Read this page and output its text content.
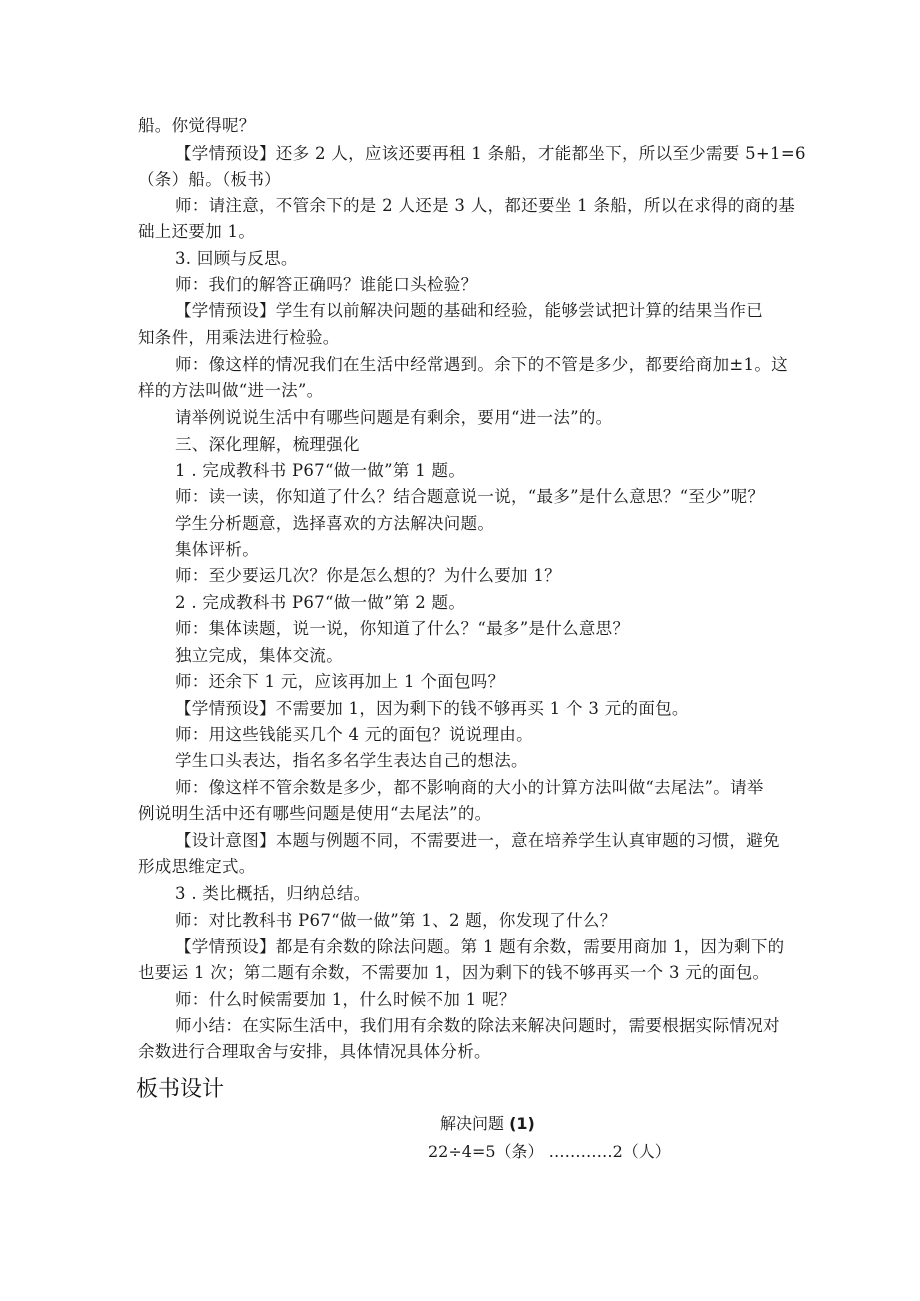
船。你觉得呢？
【学情预设】还多 2 人，应该还要再租 1 条船，才能都坐下，所以至少需要 5+1=6
（条）船。（板书）
师：请注意，不管余下的是 2 人还是 3 人，都还要坐 1 条船，所以在求得的商的基
础上还要加 1。
3. 回顾与反思。
师：我们的解答正确吗？谁能口头检验？
【学情预设】学生有以前解决问题的基础和经验，能够尝试把计算的结果当作已
知条件，用乘法进行检验。
师：像这样的情况我们在生活中经常遇到。余下的不管是多少，都要给商加±1。这
样的方法叫做“进一法”。
请举例说说生活中有哪些问题是有剩余，要用“进一法”的。
三、深化理解，梳理强化
1 . 完成教科书 P67“做一做”第 1 题。
师：读一读，你知道了什么？结合题意说一说，“最多”是什么意思？“至少”呢？
学生分析题意，选择喜欢的方法解决问题。
集体评析。
师：至少要运几次？你是怎么想的？为什么要加 1？
2 . 完成教科书 P67“做一做”第 2 题。
师：集体读题，说一说，你知道了什么？“最多”是什么意思？
独立完成，集体交流。
师：还余下 1 元，应该再加上 1 个面包吗？
【学情预设】不需要加 1，因为剩下的钱不够再买 1 个 3 元的面包。
师：用这些钱能买几个 4 元的面包？说说理由。
学生口头表达，指名多名学生表达自己的想法。
师：像这样不管余数是多少，都不影响商的大小的计算方法叫做“去尾法”。请举
例说明生活中还有哪些问题是使用“去尾法”的。
【设计意图】本题与例题不同，不需要进一，意在培养学生认真审题的习惯，避免
形成思维定式。
3 . 类比概括，归纳总结。
师：对比教科书 P67“做一做”第 1、2 题，你发现了什么？
【学情预设】都是有余数的除法问题。第 1 题有余数，需要用商加 1，因为剩下的
也要运 1 次；第二题有余数，不需要加 1，因为剩下的钱不够再买一个 3 元的面包。
师：什么时候需要加 1，什么时候不加 1 呢？
师小结：在实际生活中，我们用有余数的除法来解决问题时，需要根据实际情况对
余数进行合理取舍与安排，具体情况具体分析。
板书设计
解决问题 (1)
22÷4=5（条） …………2（人）
